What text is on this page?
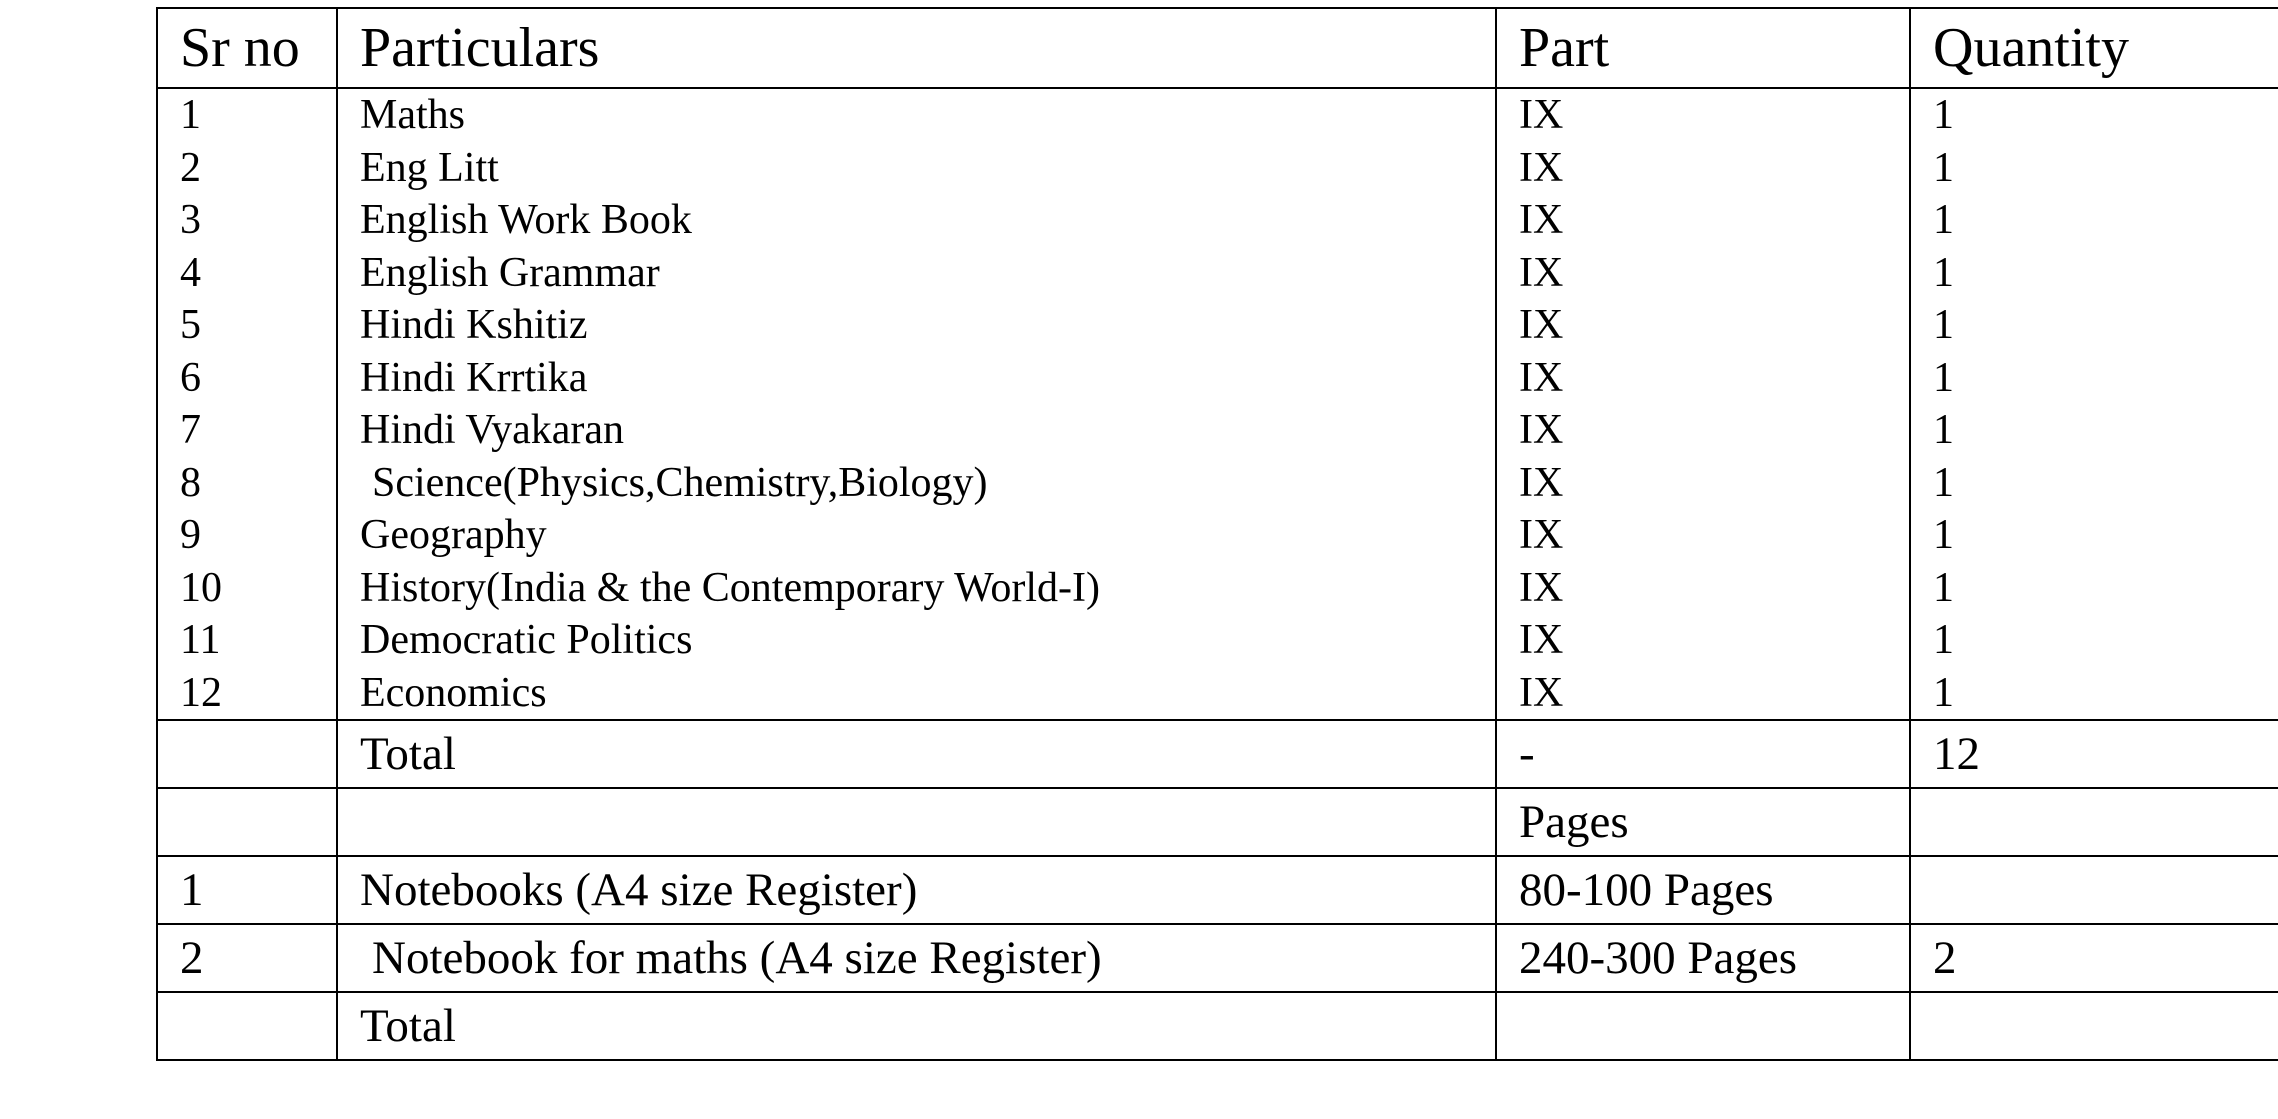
Sr no	Particulars	Part	Quantity
1	Maths	IX	1
2	Eng Litt	IX	1
3	English Work Book	IX	1
4	English Grammar	IX	1
5	Hindi Kshitiz	IX	1
6	Hindi Krrtika	IX	1
7	Hindi Vyakaran	IX	1
8	Science(Physics,Chemistry,Biology)	IX	1
9	Geography	IX	1
10	History(India & the Contemporary World-I)	IX	1
11	Democratic Politics	IX	1
12	Economics	IX	1
	Total	-	12
		Pages	
1	Notebooks (A4 size Register)	80-100 Pages	
2	Notebook for maths (A4 size Register)	240-300 Pages	2
	Total		
